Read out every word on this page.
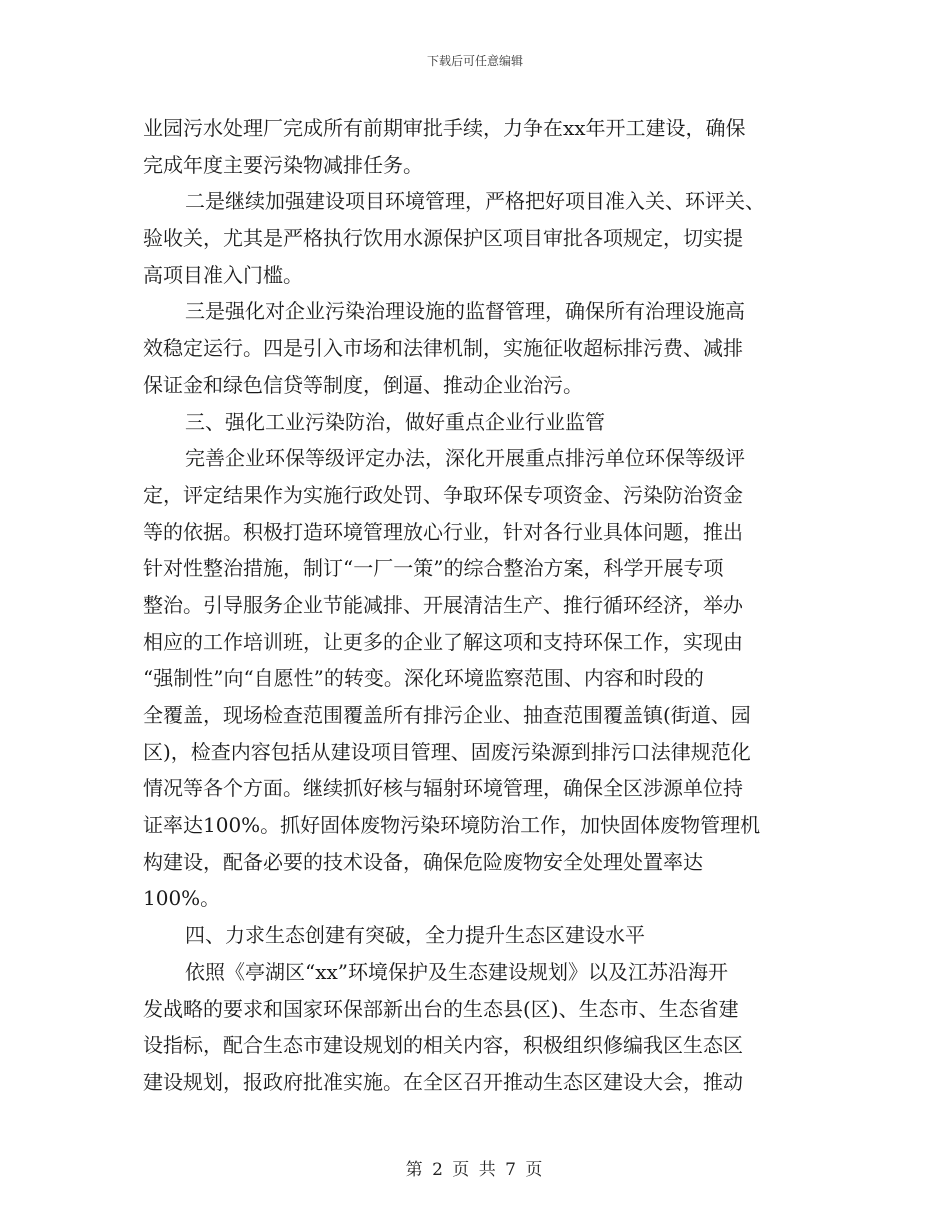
下载后可任意编辑
业园污水处理厂完成所有前期审批手续，力争在xx年开工建设，确保
完成年度主要污染物减排任务。
二是继续加强建设项目环境管理，严格把好项目准入关、环评关、
验收关，尤其是严格执行饮用水源保护区项目审批各项规定，切实提
高项目准入门槛。
三是强化对企业污染治理设施的监督管理，确保所有治理设施高
效稳定运行。四是引入市场和法律机制，实施征收超标排污费、减排
保证金和绿色信贷等制度，倒逼、推动企业治污。
三、强化工业污染防治，做好重点企业行业监管
完善企业环保等级评定办法，深化开展重点排污单位环保等级评
定，评定结果作为实施行政处罚、争取环保专项资金、污染防治资金
等的依据。积极打造环境管理放心行业，针对各行业具体问题，推出
针对性整治措施，制订“一厂一策”的综合整治方案，科学开展专项
整治。引导服务企业节能减排、开展清洁生产、推行循环经济，举办
相应的工作培训班，让更多的企业了解这项和支持环保工作，实现由
“强制性”向“自愿性”的转变。深化环境监察范围、内容和时段的
全覆盖，现场检查范围覆盖所有排污企业、抽查范围覆盖镇(街道、园
区)，检查内容包括从建设项目管理、固废污染源到排污口法律规范化
情况等各个方面。继续抓好核与辐射环境管理，确保全区涉源单位持
证率达100%。抓好固体废物污染环境防治工作，加快固体废物管理机
构建设，配备必要的技术设备，确保危险废物安全处理处置率达
100%。
四、力求生态创建有突破，全力提升生态区建设水平
依照《亭湖区“xx”环境保护及生态建设规划》以及江苏沿海开
发战略的要求和国家环保部新出台的生态县(区)、生态市、生态省建
设指标，配合生态市建设规划的相关内容，积极组织修编我区生态区
建设规划，报政府批准实施。在全区召开推动生态区建设大会，推动
第 2 页 共 7 页
